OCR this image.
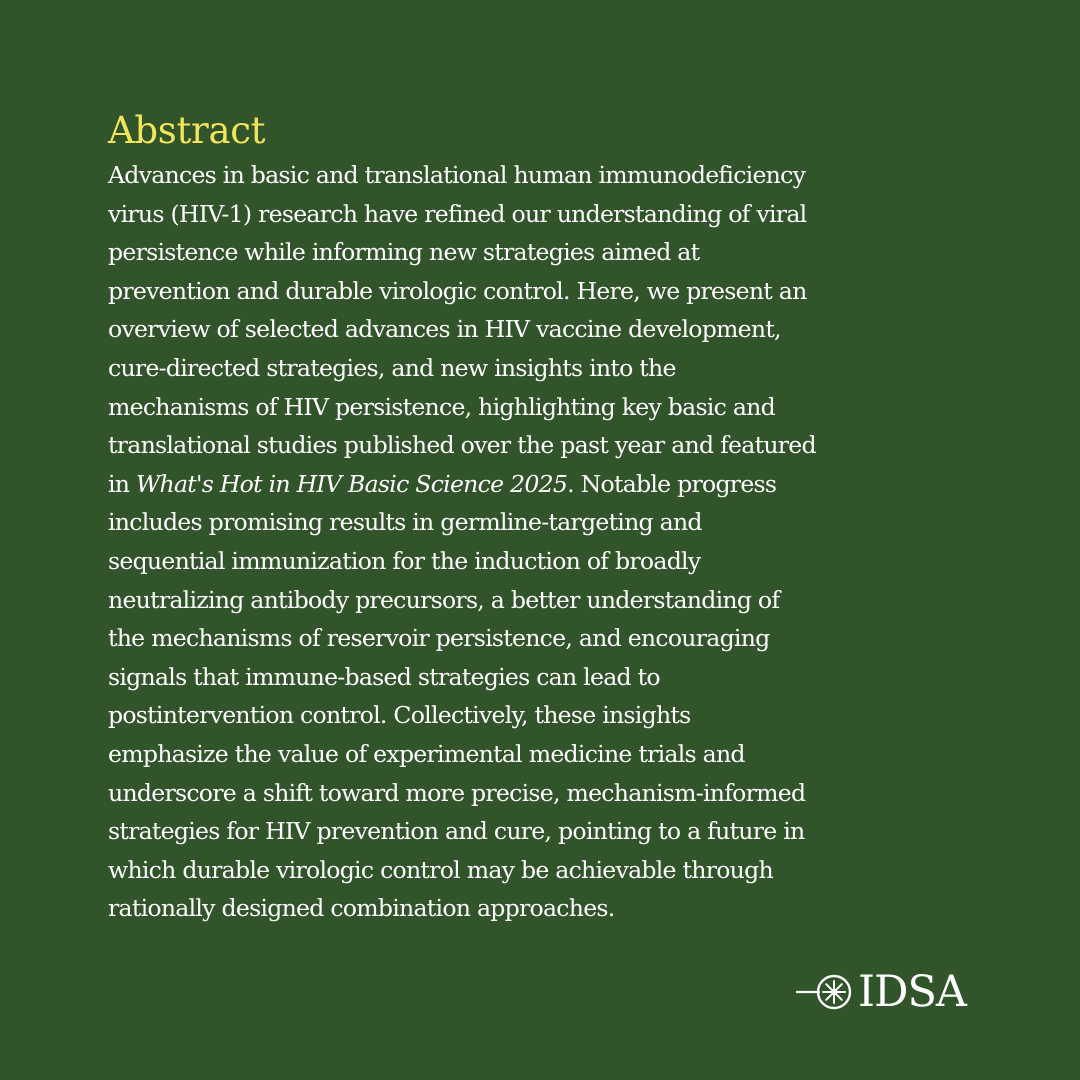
Abstract

Advances in basic and translational human immunodeficiency
virus (HIV-1) research have refined our understanding of viral
persistence while informing new strategies aimed at
prevention and durable virologic control. Here, we present an
overview of selected advances in HIV vaccine development,
cure-directed strategies, and new insights into the
mechanisms of HIV persistence, highlighting key basic and
translational studies published over the past year and featured
in What's Hot in HIV Basic Science 2025. Notable progress
includes promising results in germline-targeting and
sequential immunization for the induction of broadly
neutralizing antibody precursors, a better understanding of
the mechanisms of reservoir persistence, and encouraging
signals that immune-based strategies can lead to
postintervention control. Collectively, these insights
emphasize the value of experimental medicine trials and
underscore a shift toward more precise, mechanism-informed
strategies for HIV prevention and cure, pointing to a future in
which durable virologic control may be achievable through
rationally designed combination approaches.

IDSA
